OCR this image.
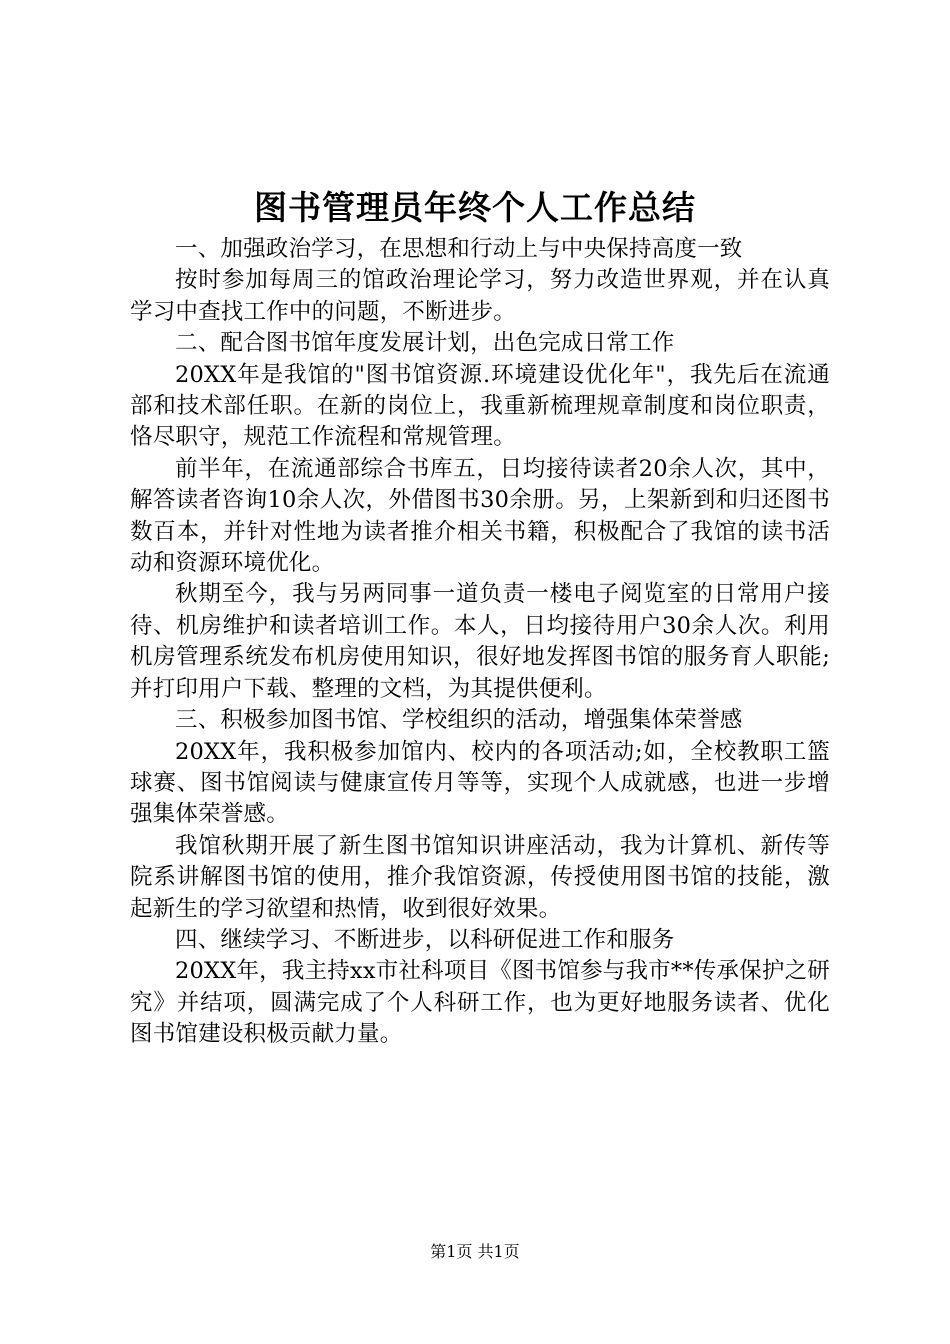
图书管理员年终个人工作总结

一、加强政治学习，在思想和行动上与中央保持高度一致

按时参加每周三的馆政治理论学习，努力改造世界观，并在认真学习中查找工作中的问题，不断进步。

二、配合图书馆年度发展计划，出色完成日常工作

20XX年是我馆的"图书馆资源.环境建设优化年"，我先后在流通部和技术部任职。在新的岗位上，我重新梳理规章制度和岗位职责，恪尽职守，规范工作流程和常规管理。

前半年，在流通部综合书库五，日均接待读者20余人次，其中，解答读者咨询10余人次，外借图书30余册。另，上架新到和归还图书数百本，并针对性地为读者推介相关书籍，积极配合了我馆的读书活动和资源环境优化。

秋期至今，我与另两同事一道负责一楼电子阅览室的日常用户接待、机房维护和读者培训工作。本人，日均接待用户30余人次。利用机房管理系统发布机房使用知识，很好地发挥图书馆的服务育人职能;并打印用户下载、整理的文档，为其提供便利。

三、积极参加图书馆、学校组织的活动，增强集体荣誉感

20XX年，我积极参加馆内、校内的各项活动;如，全校教职工篮球赛、图书馆阅读与健康宣传月等等，实现个人成就感，也进一步增强集体荣誉感。

我馆秋期开展了新生图书馆知识讲座活动，我为计算机、新传等院系讲解图书馆的使用，推介我馆资源，传授使用图书馆的技能，激起新生的学习欲望和热情，收到很好效果。

四、继续学习、不断进步，以科研促进工作和服务

20XX年，我主持xx市社科项目《图书馆参与我市**传承保护之研究》并结项，圆满完成了个人科研工作，也为更好地服务读者、优化图书馆建设积极贡献力量。

第1页 共1页
